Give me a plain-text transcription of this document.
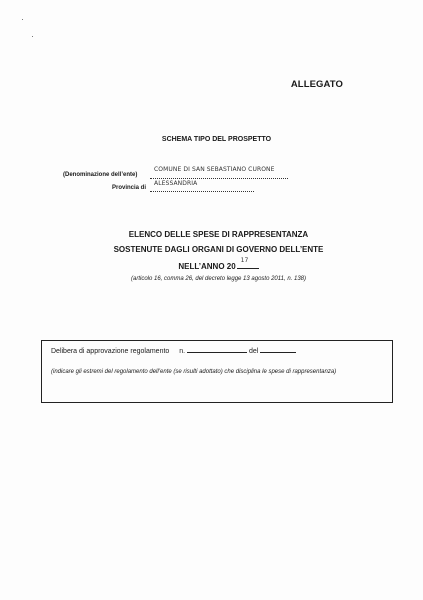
ALLEGATO
SCHEMA TIPO DEL PROSPETTO
(Denominazione dell’ente)
COMUNE DI SAN SEBASTIANO CURONE
Provincia di
ALESSANDRIA
ELENCO DELLE SPESE DI RAPPRESENTANZA
SOSTENUTE DAGLI ORGANI DI GOVERNO DELL’ENTE
NELL’ANNO 20
17
(articolo 16, comma 26, del decreto legge 13 agosto 2011, n. 138)
Delibera di approvazione regolamento n.	del
(indicare gli estremi del regolamento dell’ente (se risulti adottato) che disciplina le spese di rappresentanza)
